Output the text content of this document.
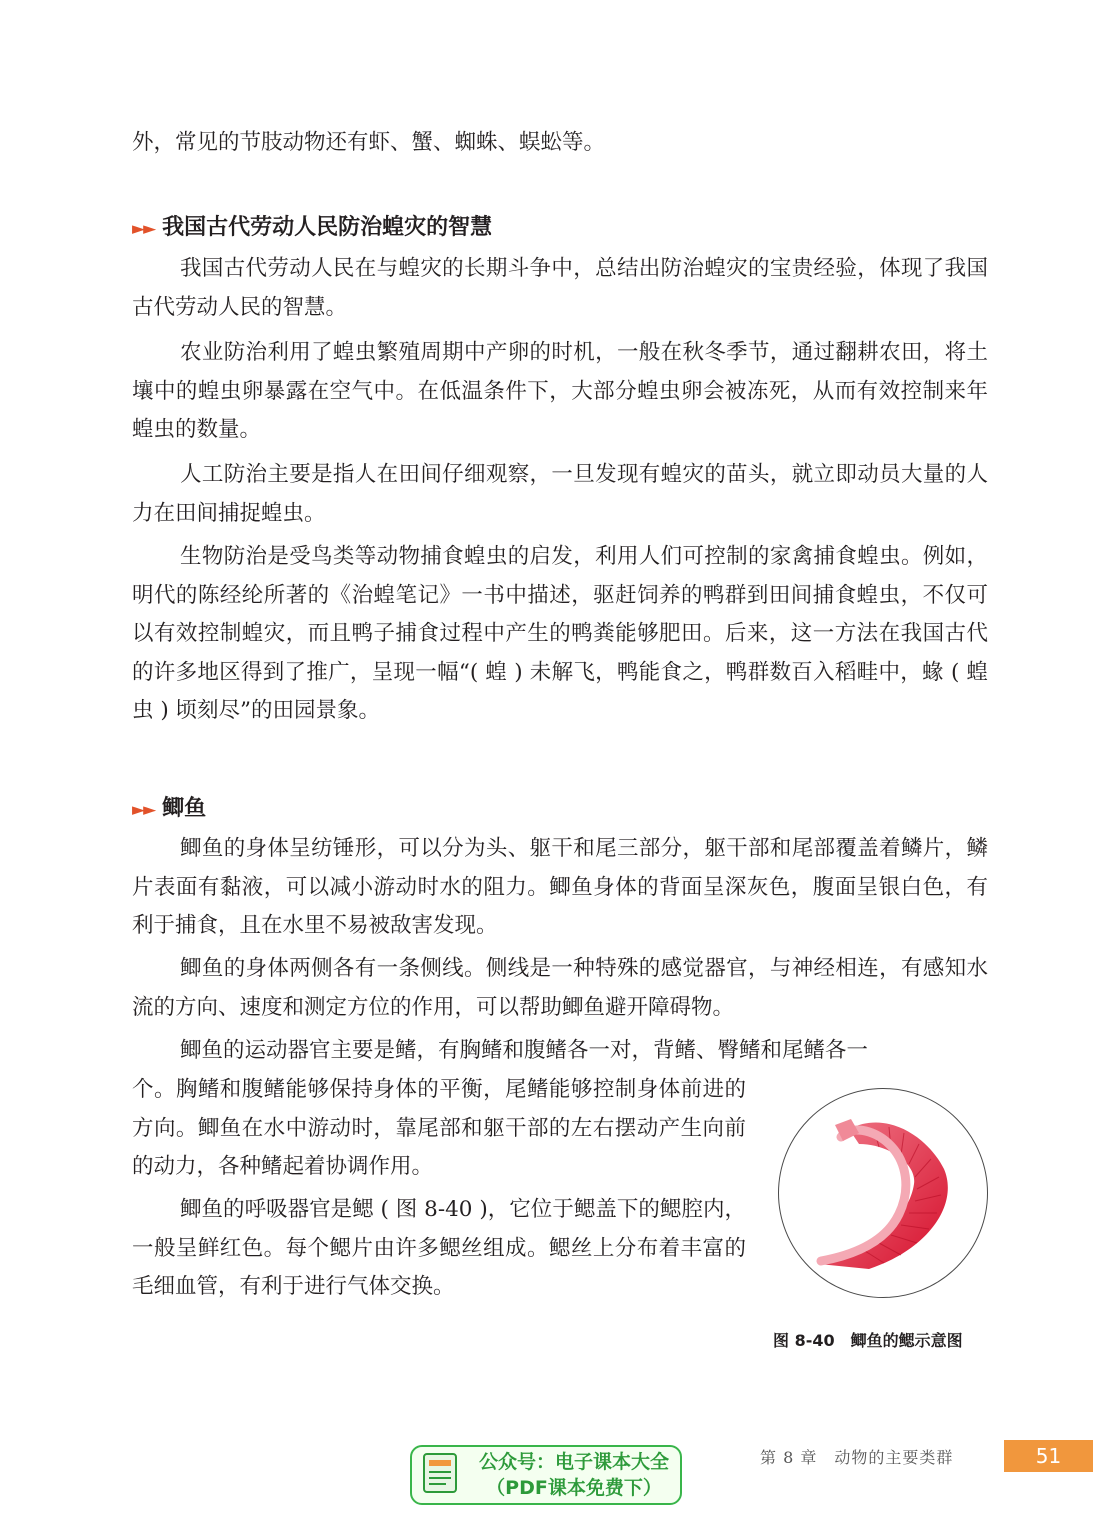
外，常见的节肢动物还有虾、蟹、蜘蛛、蜈蚣等。

►► 我国古代劳动人民防治蝗灾的智慧

我国古代劳动人民在与蝗灾的长期斗争中，总结出防治蝗灾的宝贵经验，体现了我国古代劳动人民的智慧。

农业防治利用了蝗虫繁殖周期中产卵的时机，一般在秋冬季节，通过翻耕农田，将土壤中的蝗虫卵暴露在空气中。在低温条件下，大部分蝗虫卵会被冻死，从而有效控制来年蝗虫的数量。

人工防治主要是指人在田间仔细观察，一旦发现有蝗灾的苗头，就立即动员大量的人力在田间捕捉蝗虫。

生物防治是受鸟类等动物捕食蝗虫的启发，利用人们可控制的家禽捕食蝗虫。例如，明代的陈经纶所著的《治蝗笔记》一书中描述，驱赶饲养的鸭群到田间捕食蝗虫，不仅可以有效控制蝗灾，而且鸭子捕食过程中产生的鸭粪能够肥田。后来，这一方法在我国古代的许多地区得到了推广，呈现一幅“( 蝗 ) 未解飞，鸭能食之，鸭群数百入稻畦中，蝝 ( 蝗虫 ) 顷刻尽”的田园景象。

►► 鲫鱼

鲫鱼的身体呈纺锤形，可以分为头、躯干和尾三部分，躯干部和尾部覆盖着鳞片，鳞片表面有黏液，可以减小游动时水的阻力。鲫鱼身体的背面呈深灰色，腹面呈银白色，有利于捕食，且在水里不易被敌害发现。

鲫鱼的身体两侧各有一条侧线。侧线是一种特殊的感觉器官，与神经相连，有感知水流的方向、速度和测定方位的作用，可以帮助鲫鱼避开障碍物。

鲫鱼的运动器官主要是鳍，有胸鳍和腹鳍各一对，背鳍、臀鳍和尾鳍各一

个。胸鳍和腹鳍能够保持身体的平衡，尾鳍能够控制身体前进的方向。鲫鱼在水中游动时，靠尾部和躯干部的左右摆动产生向前的动力，各种鳍起着协调作用。

鲫鱼的呼吸器官是鳃 ( 图 8-40 )，它位于鳃盖下的鳃腔内，一般呈鲜红色。每个鳃片由许多鳃丝组成。鳃丝上分布着丰富的毛细血管，有利于进行气体交换。

图 8-40　鲫鱼的鳃示意图
公众号：电子课本大全
（PDF课本免费下）
第 8 章　动物的主要类群	51
